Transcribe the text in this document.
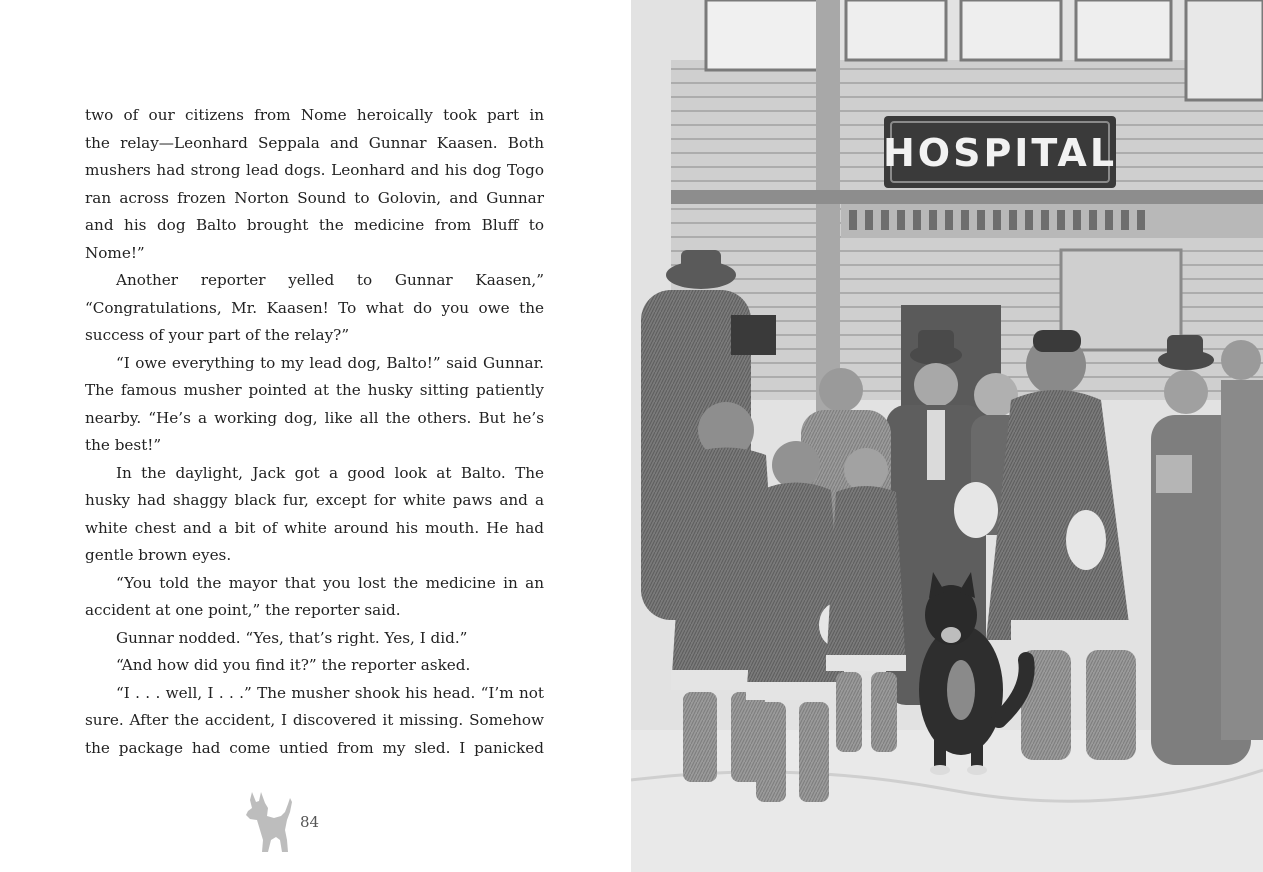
two of our citizens from Nome heroically took part in

the relay—Leonhard Seppala and Gunnar Kaasen. Both

mushers had strong lead dogs. Leonhard and his dog Togo

ran across frozen Norton Sound to Golovin, and Gunnar

and his dog Balto brought the medicine from Bluff to

Nome!”

Another reporter yelled to Gunnar Kaasen,”

“Congratulations, Mr. Kaasen! To what do you owe the

success of your part of the relay?”

“I owe everything to my lead dog, Balto!” said Gunnar.

The famous musher pointed at the husky sitting patiently

nearby. “He’s a working dog, like all the others. But he’s

the best!”

In the daylight, Jack got a good look at Balto. The

husky had shaggy black fur, except for white paws and a

white chest and a bit of white around his mouth. He had

gentle brown eyes.

“You told the mayor that you lost the medicine in an

accident at one point,” the reporter said.

Gunnar nodded. “Yes, that’s right. Yes, I did.”

“And how did you find it?” the reporter asked.

“I . . . well, I . . .” The musher shook his head. “I’m not

sure. After the accident, I discovered it missing. Somehow

the package had come untied from my sled. I panicked

84
HOSPITAL
